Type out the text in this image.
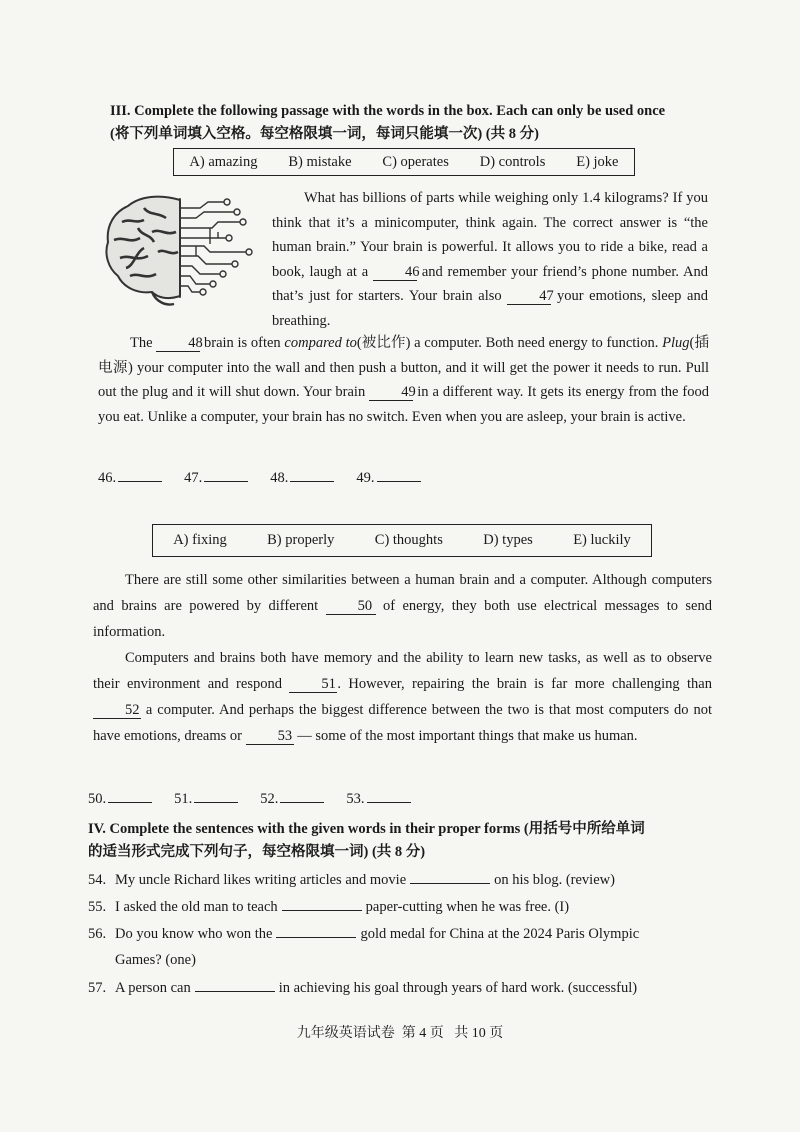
III. Complete the following passage with the words in the box. Each can only be used once
(将下列单词填入空格。每空格限填一词，每词只能填一次) (共 8 分)
A) amazing B) mistake C) operates D) controls E) joke
What has billions of parts while weighing only 1.4 kilograms? If you think that it’s a minicomputer, think again. The correct answer is “the human brain.” Your brain is powerful. It allows you to ride a bike, read a book, laugh at a 46 and remember your friend’s phone number. And that’s just for starters. Your brain also 47 your emotions, sleep and breathing.
The 48 brain is often compared to(被比作) a computer. Both need energy to function. Plug(插电源) your computer into the wall and then push a button, and it will get the power it needs to run. Pull out the plug and it will shut down. Your brain 49 in a different way. It gets its energy from the food you eat. Unlike a computer, your brain has no switch. Even when you are asleep, your brain is active.
46.	47.	48.	49.
A) fixing	B) properly	C) thoughts	D) types	E) luckily
There are still some other similarities between a human brain and a computer. Although computers and brains are powered by different 50 of energy, they both use electrical messages to send information.
Computers and brains both have memory and the ability to learn new tasks, as well as to observe their environment and respond 51 . However, repairing the brain is far more challenging than 52 a computer. And perhaps the biggest difference between the two is that most computers do not have emotions, dreams or 53 — some of the most important things that make us human.
50.	51.	52.	53.
IV. Complete the sentences with the given words in their proper forms (用括号中所给单词
的适当形式完成下列句子，每空格限填一词) (共 8 分)
54. My uncle Richard likes writing articles and movie	on his blog. (review)
55. I asked the old man to teach	paper-cutting when he was free. (I)
56. Do you know who won the	gold medal for China at the 2024 Paris Olympic
Games? (one)
57. A person can	in achieving his goal through years of hard work. (successful)
九年级英语试卷  第 4 页   共 10 页
